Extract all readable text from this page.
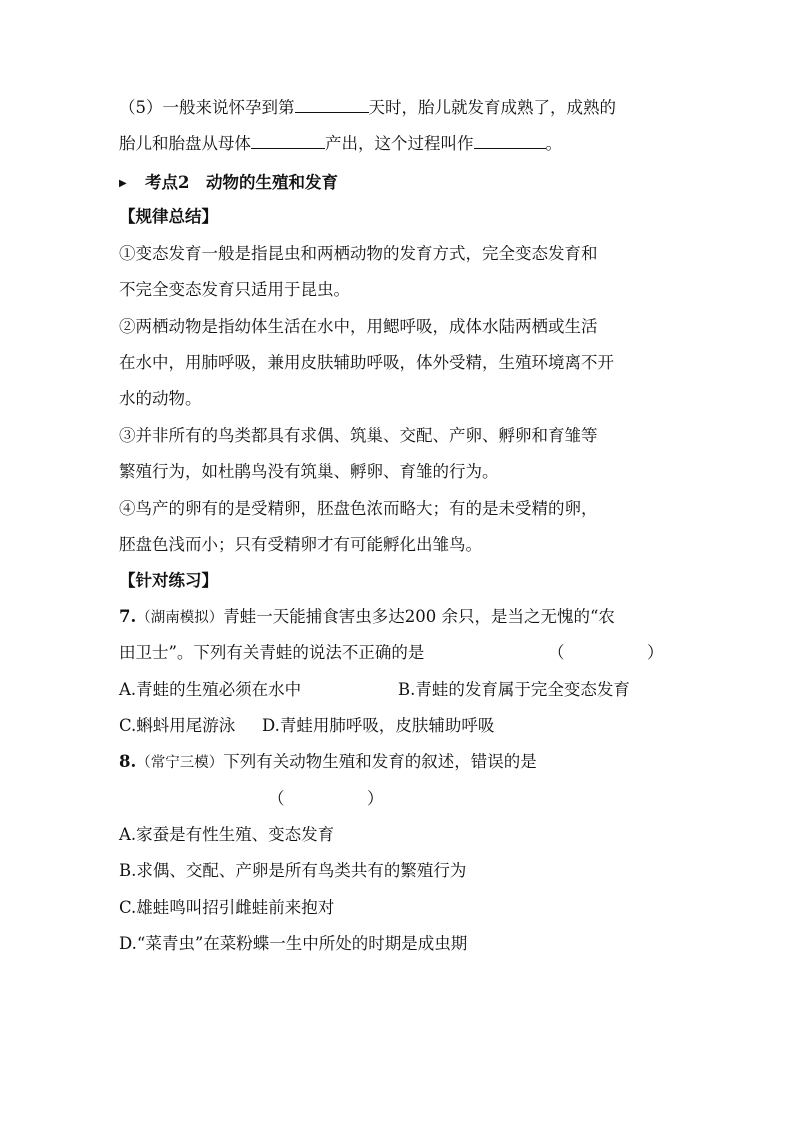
（5）一般来说怀孕到第	天时，胎儿就发育成熟了，成熟的
胎儿和胎盘从母体	产出，这个过程叫作	。
▶ 考点2　动物的生殖和发育
【规律总结】
①变态发育一般是指昆虫和两栖动物的发育方式，完全变态发育和
不完全变态发育只适用于昆虫。
②两栖动物是指幼体生活在水中，用鳃呼吸，成体水陆两栖或生活
在水中，用肺呼吸，兼用皮肤辅助呼吸，体外受精，生殖环境离不开
水的动物。
③并非所有的鸟类都具有求偶、筑巢、交配、产卵、孵卵和育雏等
繁殖行为，如杜鹃鸟没有筑巢、孵卵、育雏的行为。
④鸟产的卵有的是受精卵，胚盘色浓而略大；有的是未受精的卵，
胚盘色浅而小；只有受精卵才有可能孵化出雏鸟。
【针对练习】
7.（湖南模拟）青蛙一天能捕食害虫多达200 余只，是当之无愧的“农
田卫士”。下列有关青蛙的说法不正确的是	（　　　　　）
A.青蛙的生殖必须在水中	B.青蛙的发育属于完全变态发育
C.蝌蚪用尾游泳 D.青蛙用肺呼吸，皮肤辅助呼吸
8.（常宁三模）下列有关动物生殖和发育的叙述，错误的是
（　　　　　）
A.家蚕是有性生殖、变态发育
B.求偶、交配、产卵是所有鸟类共有的繁殖行为
C.雄蛙鸣叫招引雌蛙前来抱对
D.“菜青虫”在菜粉蝶一生中所处的时期是成虫期
